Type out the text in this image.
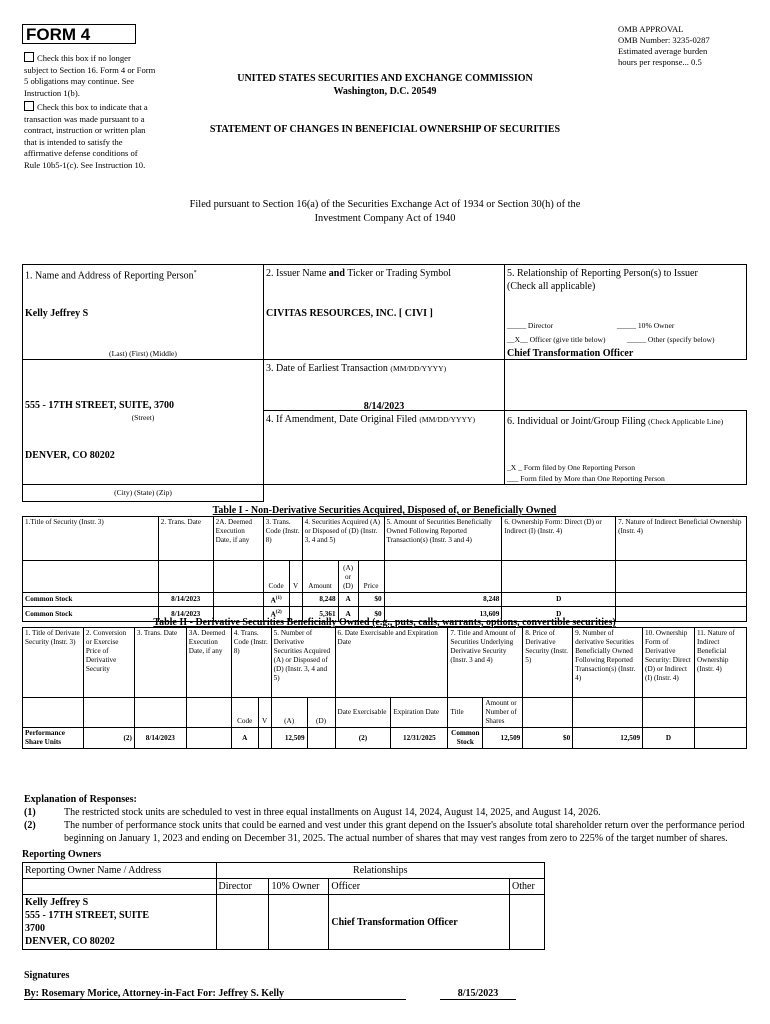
FORM 4
Check this box if no longer subject to Section 16. Form 4 or Form 5 obligations may continue. See Instruction 1(b).
Check this box to indicate that a transaction was made pursuant to a contract, instruction or written plan that is intended to satisfy the affirmative defense conditions of Rule 10b5-1(c). See Instruction 10.
OMB APPROVAL
OMB Number: 3235-0287
Estimated average burden
hours per response... 0.5
UNITED STATES SECURITIES AND EXCHANGE COMMISSION
Washington, D.C. 20549
STATEMENT OF CHANGES IN BENEFICIAL OWNERSHIP OF SECURITIES
Filed pursuant to Section 16(a) of the Securities Exchange Act of 1934 or Section 30(h) of the
Investment Company Act of 1940
1. Name and Address of Reporting Person*
Kelly Jeffrey S
(Last) (First) (Middle)
555 - 17TH STREET, SUITE, 3700
(Street)
DENVER, CO 80202
(City) (State) (Zip)
2. Issuer Name and Ticker or Trading Symbol
CIVITAS RESOURCES, INC. [ CIVI ]
3. Date of Earliest Transaction (MM/DD/YYYY)
8/14/2023
4. If Amendment, Date Original Filed (MM/DD/YYYY)
5. Relationship of Reporting Person(s) to Issuer
(Check all applicable)
_____ Director	_____ 10% Owner
__X__ Officer (give title below)	_____ Other (specify below)
Chief Transformation Officer
6. Individual or Joint/Group Filing (Check Applicable Line)
_X _ Form filed by One Reporting Person
___ Form filed by More than One Reporting Person
Table I - Non-Derivative Securities Acquired, Disposed of, or Beneficially Owned
1.Title of Security (Instr. 3)	2. Trans. Date	2A. Deemed Execution Date, if any	3. Trans. Code (Instr. 8)		4. Securities Acquired (A) or Disposed of (D) (Instr. 3, 4 and 5)			5. Amount of Securities Beneficially Owned Following Reported Transaction(s) (Instr. 3 and 4)	6. Ownership Form: Direct (D) or Indirect (I) (Instr. 4)	7. Nature of Indirect Beneficial Ownership (Instr. 4)
			Code	V	Amount	(A) or (D)	Price			
Common Stock	8/14/2023		$A^{(1)}$		8,248	A	$0	8,248	D	
Common Stock	8/14/2023		$A^{(2)}$		5,361	A	$0	13,609	D	
Table II - Derivative Securities Beneficially Owned (e.g., puts, calls, warrants, options, convertible securities)
1. Title of Derivate Security (Instr. 3)	2. Conversion or Exercise Price of Derivative Security	3. Trans. Date	3A. Deemed Execution Date, if any	4. Trans. Code (Instr. 8)		5. Number of Derivative Securities Acquired (A) or Disposed of (D) (Instr. 3, 4 and 5)		6. Date Exercisable and Expiration Date		7. Title and Amount of Securities Underlying Derivative Security (Instr. 3 and 4)		8. Price of Derivative Security (Instr. 5)	9. Number of derivative Securities Beneficially Owned Following Reported Transaction(s) (Instr. 4)	10. Ownership Form of Derivative Security: Direct (D) or Indirect (I) (Instr. 4)	11. Nature of Indirect Beneficial Ownership (Instr. 4)
				Code	V	(A)	(D)	Date Exercisable	Expiration Date	Title	Amount or Number of Shares				
Performance Share Units	(2)	8/14/2023		A		12,509		(2)	12/31/2025	Common Stock	12,509	$0	12,509	D	
Explanation of Responses:
(1)	The restricted stock units are scheduled to vest in three equal installments on August 14, 2024, August 14, 2025, and August 14, 2026.
(2)	The number of performance stock units that could be earned and vest under this grant depend on the Issuer's absolute total shareholder return over the performance period beginning on January 1, 2023 and ending on December 31, 2025. The actual number of shares that may vest ranges from zero to 225% of the target number of shares.
Reporting Owners
Reporting Owner Name / Address	Relationships			
	Director	10% Owner	Officer	Other

Kelly Jeffrey S
555 - 17TH STREET, SUITE
3700
DENVER, CO 80202			Chief Transformation Officer	
Signatures
By: Rosemary Morice, Attorney-in-Fact For: Jeffrey S. Kelly	8/15/2023
